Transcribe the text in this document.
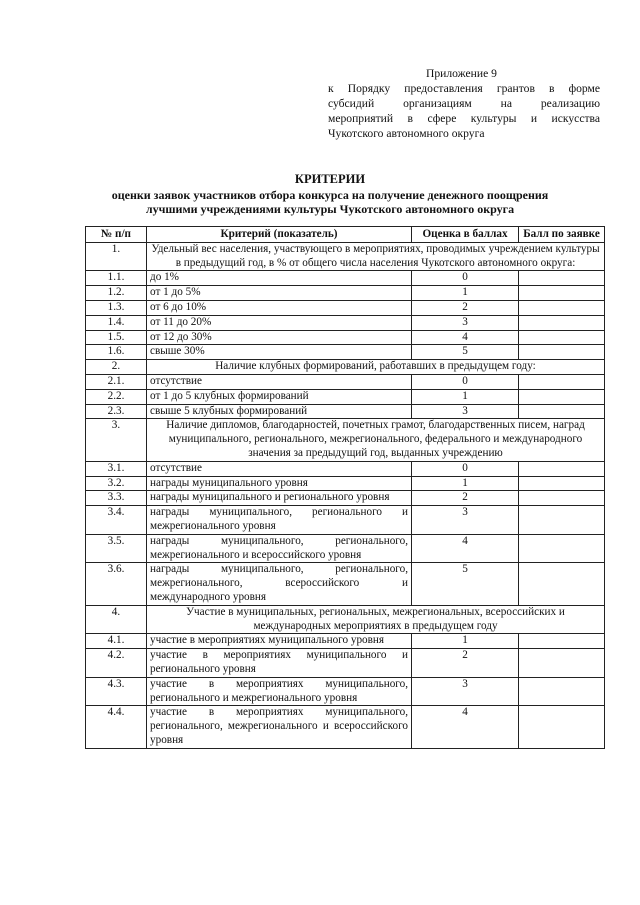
Приложение 9
к Порядку предоставления грантов в форме
субсидий организациям на реализацию
мероприятий в сфере культуры и искусства
Чукотского автономного округа
КРИТЕРИИ
оценки заявок участников отбора конкурса на получение денежного поощрения
лучшими учреждениями культуры Чукотского автономного округа
№ п/п	Критерий (показатель)	Оценка в баллах	Балл по заявке
1.	Удельный вес населения, участвующего в мероприятиях, проводимых учреждением культуры в предыдущий год, в % от общего числа населения Чукотского автономного округа:		
1.1.	до 1%	0	
1.2.	от 1 до 5%	1	
1.3.	от 6 до 10%	2	
1.4.	от 11 до 20%	3	
1.5.	от 12 до 30%	4	
1.6.	свыше 30%	5	
2.	Наличие клубных формирований, работавших в предыдущем году:		
2.1.	отсутствие	0	
2.2.	от 1 до 5 клубных формирований	1	
2.3.	свыше 5 клубных формирований	3	
3.	Наличие дипломов, благодарностей, почетных грамот, благодарственных писем, наград муниципального, регионального, межрегионального, федерального и международного значения за предыдущий год, выданных учреждению		
3.1.	отсутствие	0	
3.2.	награды муниципального уровня	1	
3.3.	награды муниципального и регионального уровня	2	
3.4.	награды муниципального, регионального и межрегионального уровня	3	
3.5.	награды муниципального, регионального, межрегионального и всероссийского уровня	4	
3.6.	награды муниципального, регионального, межрегионального, всероссийского и международного уровня	5	
4.	Участие в муниципальных, региональных, межрегиональных, всероссийских и международных мероприятиях в предыдущем году		
4.1.	участие в мероприятиях муниципального уровня	1	
4.2.	участие в мероприятиях муниципального и регионального уровня	2	
4.3.	участие в мероприятиях муниципального, регионального и межрегионального уровня	3	
4.4.	участие в мероприятиях муниципального, регионального, межрегионального и всероссийского уровня	4	
